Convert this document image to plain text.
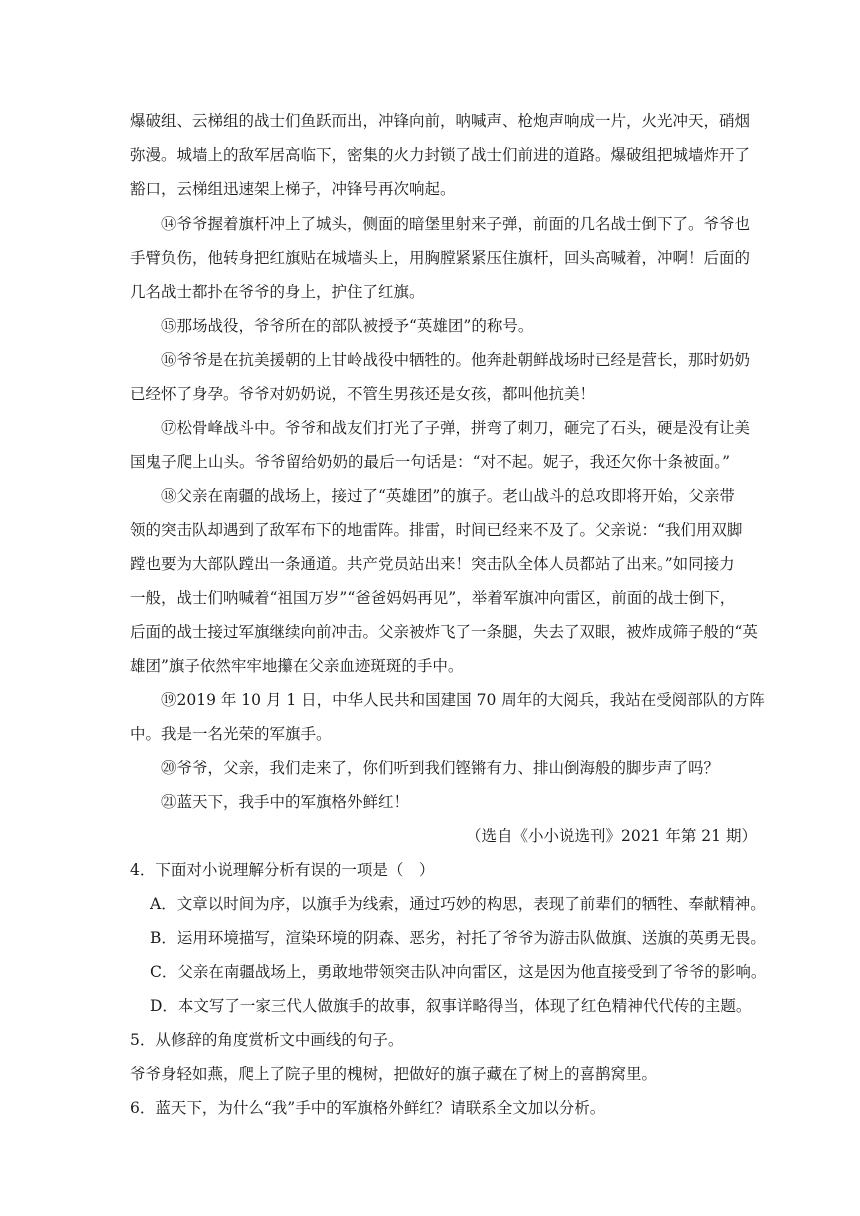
爆破组、云梯组的战士们鱼跃而出，冲锋向前，呐喊声、枪炮声响成一片，火光冲天，硝烟
弥漫。城墙上的敌军居高临下，密集的火力封锁了战士们前进的道路。爆破组把城墙炸开了
豁口，云梯组迅速架上梯子，冲锋号再次响起。
⑭爷爷握着旗杆冲上了城头，侧面的暗堡里射来子弹，前面的几名战士倒下了。爷爷也
手臂负伤，他转身把红旗贴在城墙头上，用胸膛紧紧压住旗杆，回头高喊着，冲啊！后面的
几名战士都扑在爷爷的身上，护住了红旗。
⑮那场战役，爷爷所在的部队被授予“英雄团”的称号。
⑯爷爷是在抗美援朝的上甘岭战役中牺牲的。他奔赴朝鲜战场时已经是营长，那时奶奶
已经怀了身孕。爷爷对奶奶说，不管生男孩还是女孩，都叫他抗美！
⑰松骨峰战斗中。爷爷和战友们打光了子弹，拼弯了刺刀，砸完了石头，硬是没有让美
国鬼子爬上山头。爷爷留给奶奶的最后一句话是：“对不起。妮子，我还欠你十条被面。”
⑱父亲在南疆的战场上，接过了“英雄团”的旗子。老山战斗的总攻即将开始，父亲带
领的突击队却遇到了敌军布下的地雷阵。排雷，时间已经来不及了。父亲说：“我们用双脚
蹚也要为大部队蹚出一条通道。共产党员站出来！突击队全体人员都站了出来。”如同接力
一般，战士们呐喊着“祖国万岁”“爸爸妈妈再见”，举着军旗冲向雷区，前面的战士倒下，
后面的战士接过军旗继续向前冲击。父亲被炸飞了一条腿，失去了双眼，被炸成筛子般的“英
雄团”旗子依然牢牢地攥在父亲血迹斑斑的手中。
⑲2019 年 10 月 1 日，中华人民共和国建国 70 周年的大阅兵，我站在受阅部队的方阵
中。我是一名光荣的军旗手。
⑳爷爷，父亲，我们走来了，你们听到我们铿锵有力、排山倒海般的脚步声了吗？
㉑蓝天下，我手中的军旗格外鲜红！
（选自《小小说选刊》2021 年第 21 期）
4．下面对小说理解分析有误的一项是（　）
A．文章以时间为序，以旗手为线索，通过巧妙的构思，表现了前辈们的牺牲、奉献精神。
B．运用环境描写，渲染环境的阴森、恶劣，衬托了爷爷为游击队做旗、送旗的英勇无畏。
C．父亲在南疆战场上，勇敢地带领突击队冲向雷区，这是因为他直接受到了爷爷的影响。
D．本文写了一家三代人做旗手的故事，叙事详略得当，体现了红色精神代代传的主题。
5．从修辞的角度赏析文中画线的句子。
爷爷身轻如燕，爬上了院子里的槐树，把做好的旗子藏在了树上的喜鹊窝里。
6．蓝天下，为什么“我”手中的军旗格外鲜红？请联系全文加以分析。
